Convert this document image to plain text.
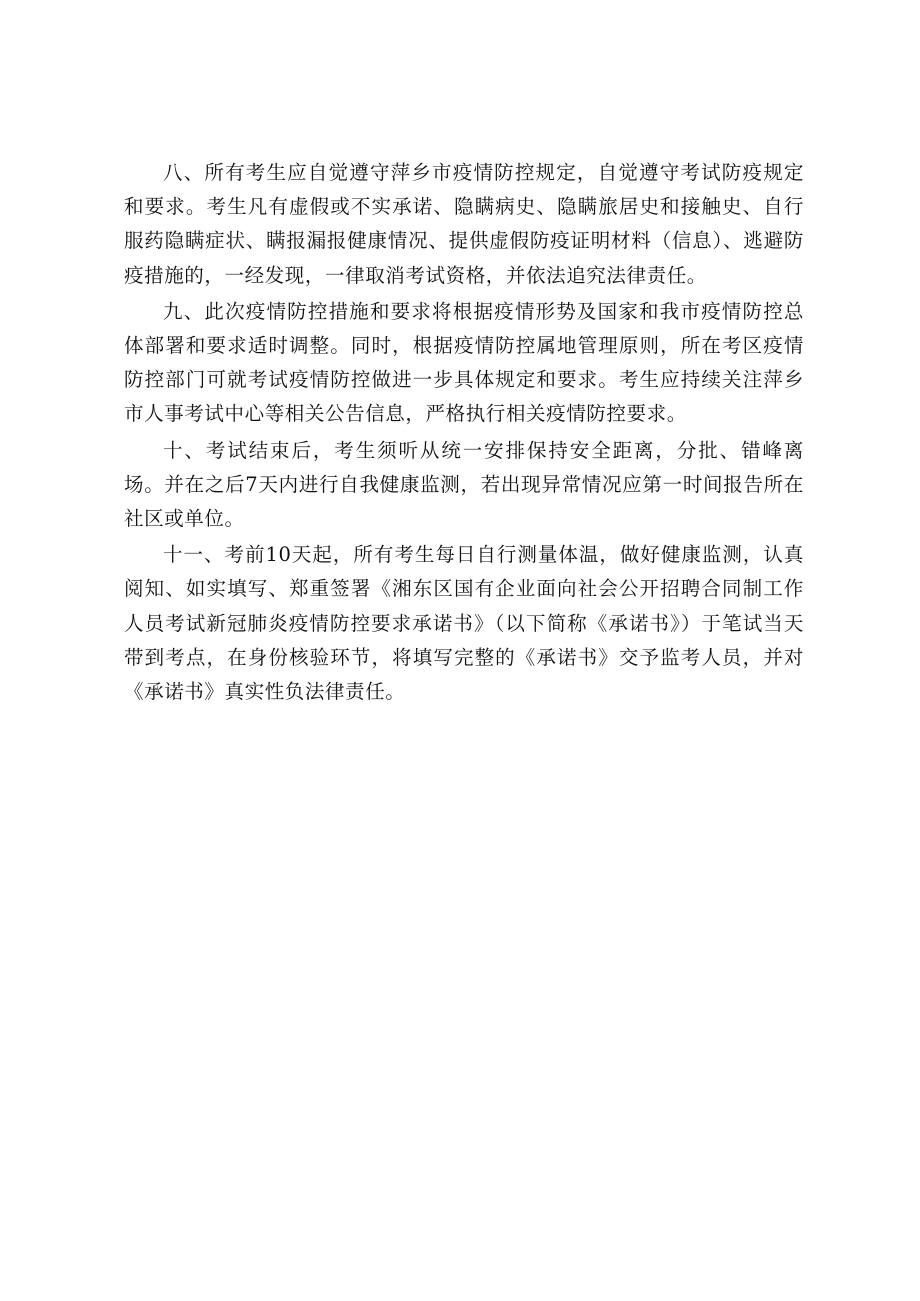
八、所有考生应自觉遵守萍乡市疫情防控规定，自觉遵守考试防疫规定和要求。考生凡有虚假或不实承诺、隐瞒病史、隐瞒旅居史和接触史、自行服药隐瞒症状、瞒报漏报健康情况、提供虚假防疫证明材料（信息）、逃避防疫措施的，一经发现，一律取消考试资格，并依法追究法律责任。

九、此次疫情防控措施和要求将根据疫情形势及国家和我市疫情防控总体部署和要求适时调整。同时，根据疫情防控属地管理原则，所在考区疫情防控部门可就考试疫情防控做进一步具体规定和要求。考生应持续关注萍乡市人事考试中心等相关公告信息，严格执行相关疫情防控要求。

十、考试结束后，考生须听从统一安排保持安全距离，分批、错峰离场。并在之后7天内进行自我健康监测，若出现异常情况应第一时间报告所在社区或单位。

十一、考前10天起，所有考生每日自行测量体温，做好健康监测，认真阅知、如实填写、郑重签署《湘东区国有企业面向社会公开招聘合同制工作人员考试新冠肺炎疫情防控要求承诺书》（以下简称《承诺书》）于笔试当天带到考点，在身份核验环节，将填写完整的《承诺书》交予监考人员，并对《承诺书》真实性负法律责任。
